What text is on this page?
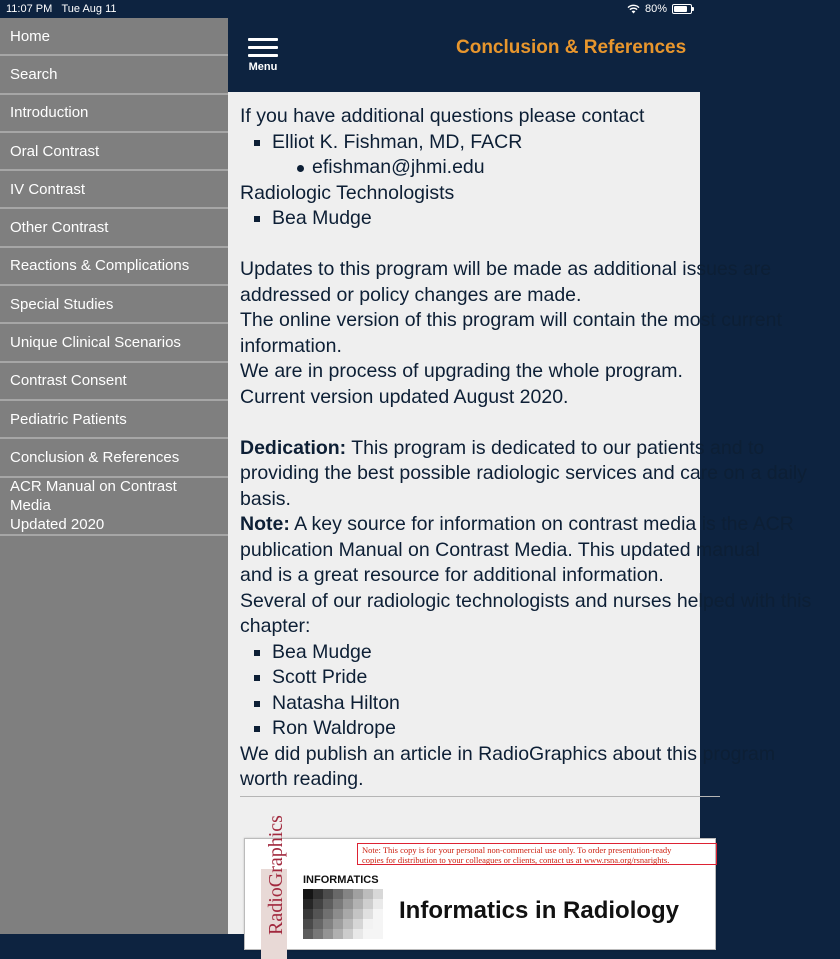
11:07 PM Tue Aug 11	80%
Home
Search
Introduction
Oral Contrast
IV Contrast
Other Contrast
Reactions & Complications
Special Studies
Unique Clinical Scenarios
Contrast Consent
Pediatric Patients
Conclusion & References
ACR Manual on Contrast Media
Updated 2020
Menu
Conclusion & References

If you have additional questions please contact

Elliot K. Fishman, MD, FACR

efishman@jhmi.edu

Radiologic Technologists

Bea Mudge

Updates to this program will be made as additional issues are

addressed or policy changes are made.

The online version of this program will contain the most current

information.

We are in process of upgrading the whole program.

Current version updated August 2020.

Dedication: This program is dedicated to our patients and to

providing the best possible radiologic services and care on a daily

basis.

Note: A key source for information on contrast media is the ACR

publication Manual on Contrast Media. This updated manual

and is a great resource for additional information.

Several of our radiologic technologists and nurses helped with this

chapter:

Bea Mudge

Scott Pride

Natasha Hilton

Ron Waldrope

We did publish an article in RadioGraphics about this program

worth reading.

Note: This copy is for your personal non-commercial use only. To order presentation-ready
copies for distribution to your colleagues or clients, contact us at www.rsna.org/rsnarights.
RadioGraphics INFORMATICS
Informatics in Radiology
